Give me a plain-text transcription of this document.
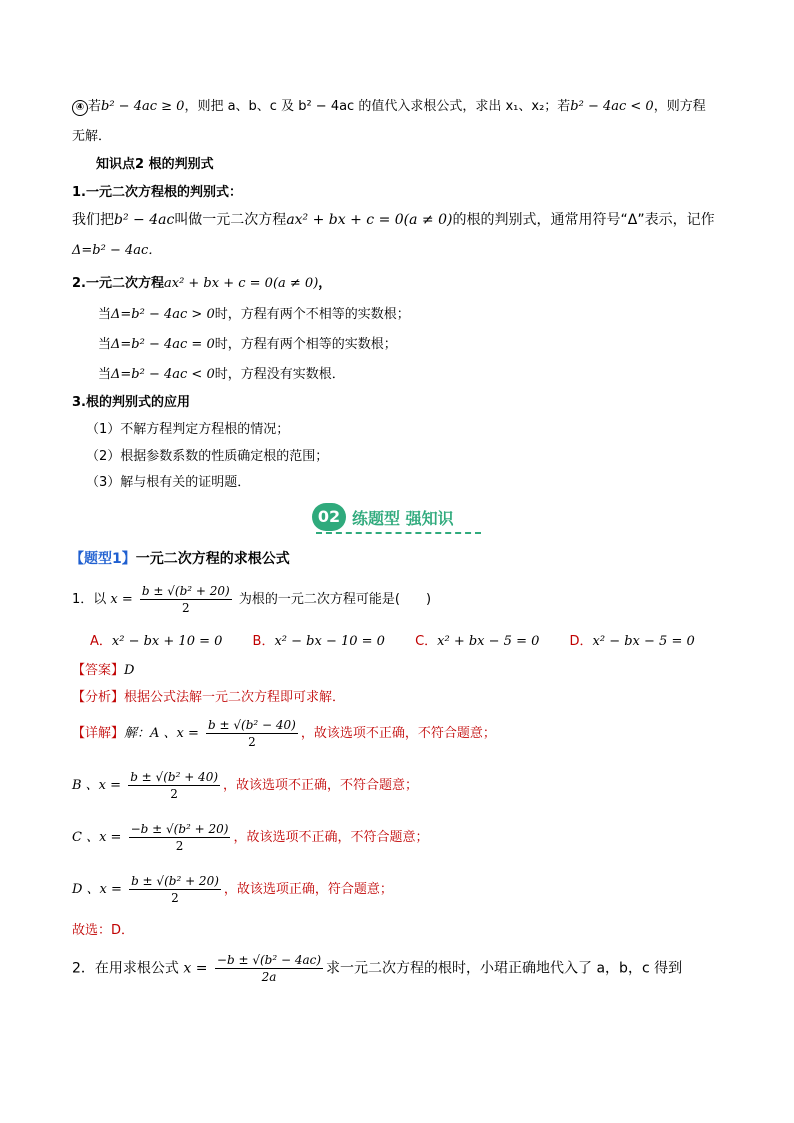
④ 若b² − 4ac ≥ 0，则把 a、b、c 及 b² − 4ac 的值代入求根公式，求出 x₁、x₂；若b² − 4ac < 0，则方程
无解．
知识点2 根的判别式
1.一元二次方程根的判别式：
我们把b² − 4ac叫做一元二次方程ax² + bx + c = 0(a ≠ 0)的根的判别式，通常用符号“Δ”表示，记作
Δ=b² − 4ac．
2.一元二次方程ax² + bx + c = 0(a ≠ 0)，
当Δ=b² − 4ac > 0时，方程有两个不相等的实数根；
当Δ=b² − 4ac = 0时，方程有两个相等的实数根；
当Δ=b² − 4ac < 0时，方程没有实数根．
3.根的判别式的应用
（1）不解方程判定方程根的情况；
（2）根据参数系数的性质确定根的范围；
（3）解与根有关的证明题．
02 练题型 强知识
【题型1】一元二次方程的求根公式
1．以 $x = \frac{\text{b ± √(b² + 20)}}{2}$ 为根的一元二次方程可能是(　　)
A．x² − bx + 10 = 0 B．x² − bx − 10 = 0 C．x² + bx − 5 = 0 D．x² − bx − 5 = 0
【答案】D
【分析】根据公式法解一元二次方程即可求解．
【详解】解：A 、$x = \frac{\text{b ± √(b² − 40)}}{2}$ ，故该选项不正确，不符合题意；
B 、$x = \frac{\text{b ± √(b² + 40)}}{2}$ ，故该选项不正确，不符合题意；
C 、$x = \frac{\text{−b ± √(b² + 20)}}{2}$ ，故该选项不正确，不符合题意；
D 、$x = \frac{\text{b ± √(b² + 20)}}{2}$ ，故该选项正确，符合题意；
故选：D．
2．在用求根公式 $x = \frac{\text{−b ± √(b² − 4ac)}}{2a}$ 求一元二次方程的根时，小珺正确地代入了 a，b，c 得到
